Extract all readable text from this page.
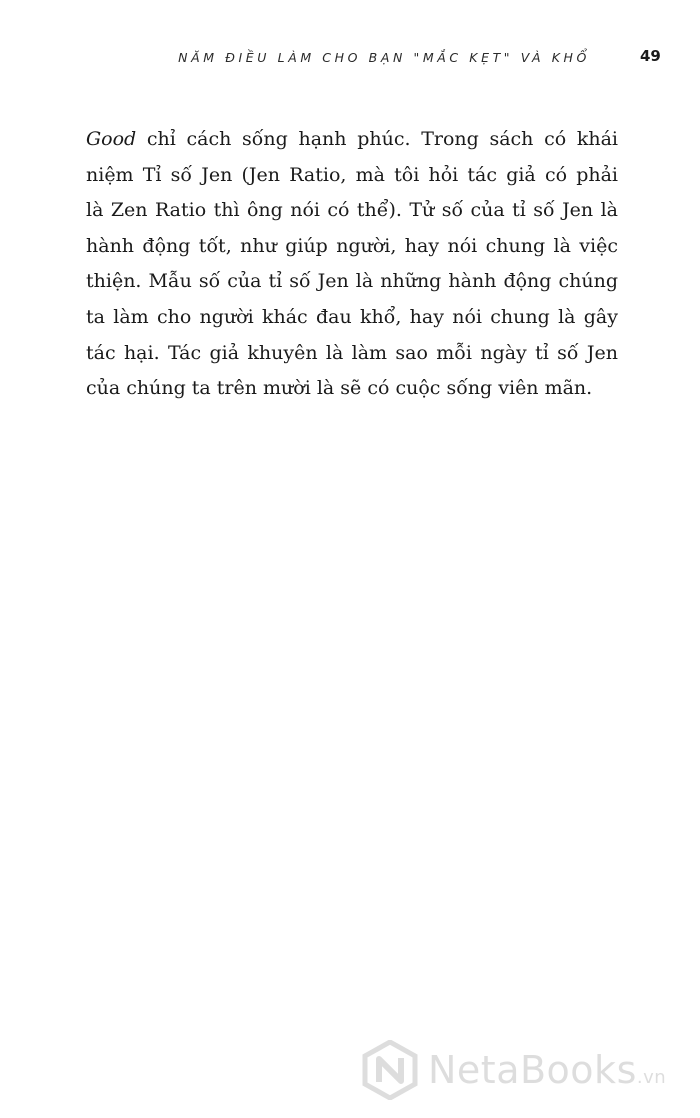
NĂM ĐIỀU LÀM CHO BẠN "MẮC KẸT" VÀ KHỔ	49
Good chỉ cách sống hạnh phúc. Trong sách có khái
niệm Tỉ số Jen (Jen Ratio, mà tôi hỏi tác giả có phải
là Zen Ratio thì ông nói có thể). Tử số của tỉ số Jen là
hành động tốt, như giúp người, hay nói chung là việc
thiện. Mẫu số của tỉ số Jen là những hành động chúng
ta làm cho người khác đau khổ, hay nói chung là gây
tác hại. Tác giả khuyên là làm sao mỗi ngày tỉ số Jen
của chúng ta trên mười là sẽ có cuộc sống viên mãn.
NetaBooks.vn
